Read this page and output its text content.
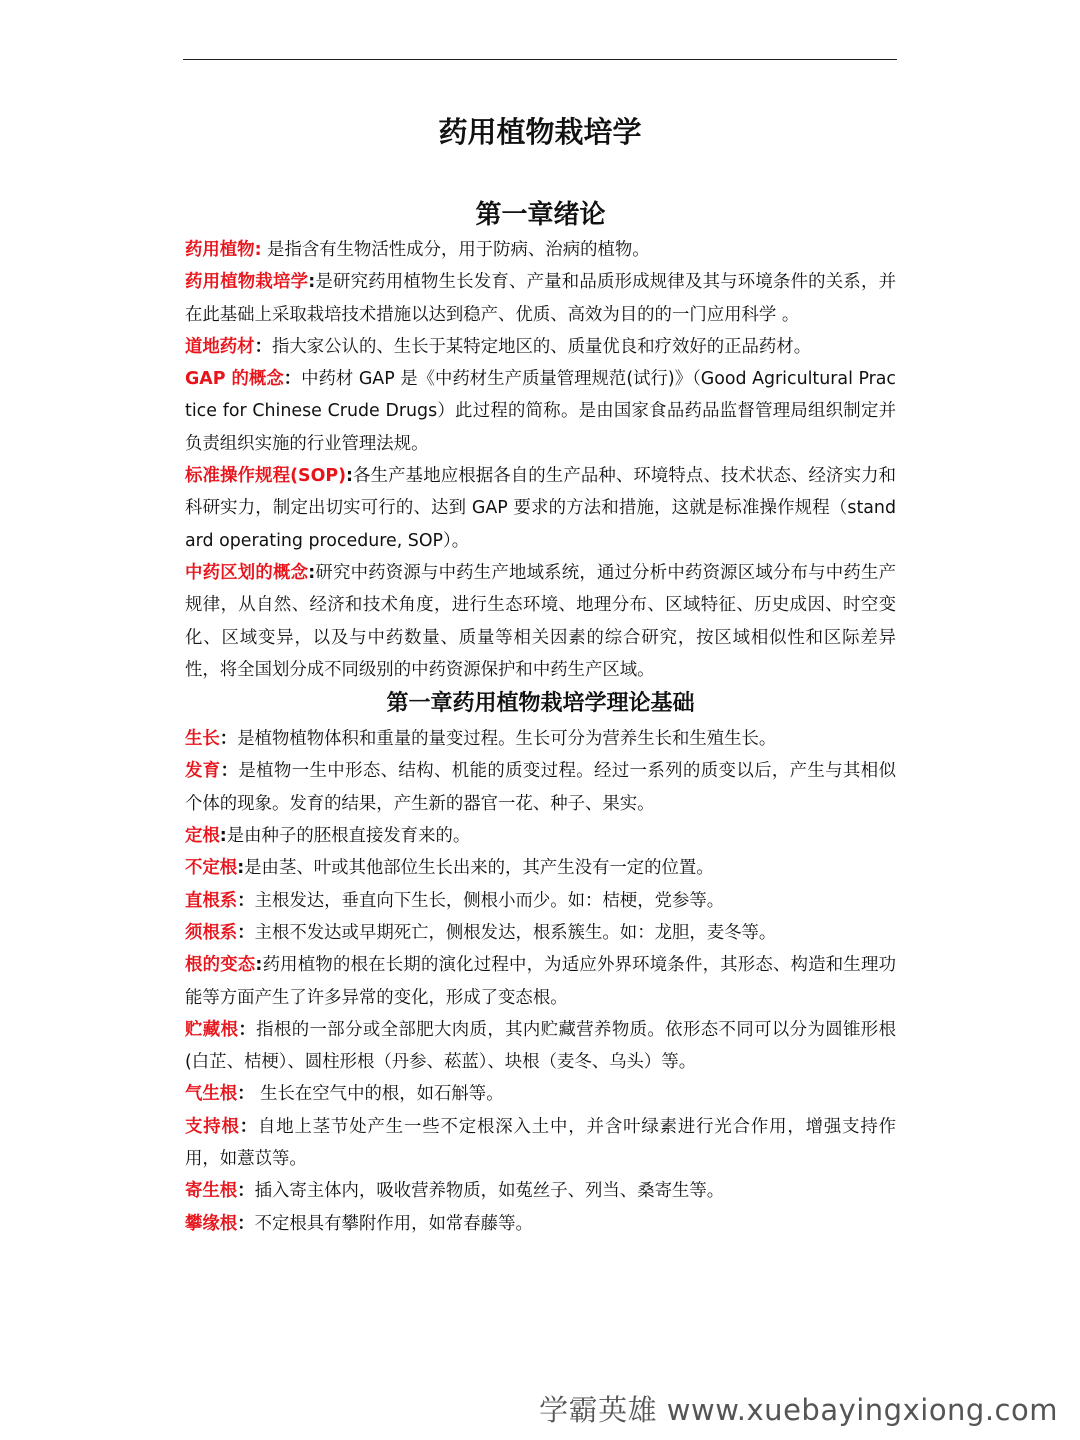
药用植物栽培学
第一章绪论

药用植物: 是指含有生物活性成分，用于防病、治病的植物。

药用植物栽培学:是研究药用植物生长发育、产量和品质形成规律及其与环境条件的关系，并在此基础上采取栽培技术措施以达到稳产、优质、高效为目的的一门应用科学 。

道地药材：指大家公认的、生长于某特定地区的、质量优良和疗效好的正品药材。

GAP 的概念：中药材 GAP 是《中药材生产质量管理规范(试行)》（Good Agricultural Practice for Chinese Crude Drugs）此过程的简称。是由国家食品药品监督管理局组织制定并负责组织实施的行业管理法规。

标准操作规程(SOP):各生产基地应根据各自的生产品种、环境特点、技术状态、经济实力和科研实力，制定出切实可行的、达到 GAP 要求的方法和措施，这就是标准操作规程（standard operating procedure, SOP）。

中药区划的概念:研究中药资源与中药生产地域系统，通过分析中药资源区域分布与中药生产规律，从自然、经济和技术角度，进行生态环境、地理分布、区域特征、历史成因、时空变化、区域变异，以及与中药数量、质量等相关因素的综合研究，按区域相似性和区际差异性，将全国划分成不同级别的中药资源保护和中药生产区域。

第一章药用植物栽培学理论基础

生长：是植物植物体积和重量的量变过程。生长可分为营养生长和生殖生长。

发育：是植物一生中形态、结构、机能的质变过程。经过一系列的质变以后，产生与其相似个体的现象。发育的结果，产生新的器官一花、种子、果实。

定根:是由种子的胚根直接发育来的。

不定根:是由茎、叶或其他部位生长出来的，其产生没有一定的位置。

直根系：主根发达，垂直向下生长，侧根小而少。如：桔梗，党参等。

须根系：主根不发达或早期死亡，侧根发达，根系簇生。如：龙胆，麦冬等。

根的变态:药用植物的根在长期的演化过程中，为适应外界环境条件，其形态、构造和生理功能等方面产生了许多异常的变化，形成了变态根。

贮藏根：指根的一部分或全部肥大肉质，其内贮藏营养物质。依形态不同可以分为圆锥形根(白芷、桔梗）、圆柱形根（丹参、菘蓝）、块根（麦冬、乌头）等。

气生根： 生长在空气中的根，如石斛等。

支持根：自地上茎节处产生一些不定根深入土中，并含叶绿素进行光合作用，增强支持作用，如薏苡等。

寄生根：插入寄主体内，吸收营养物质，如菟丝子、列当、桑寄生等。

攀缘根：不定根具有攀附作用，如常春藤等。

学霸英雄 www.xuebayingxiong.com
